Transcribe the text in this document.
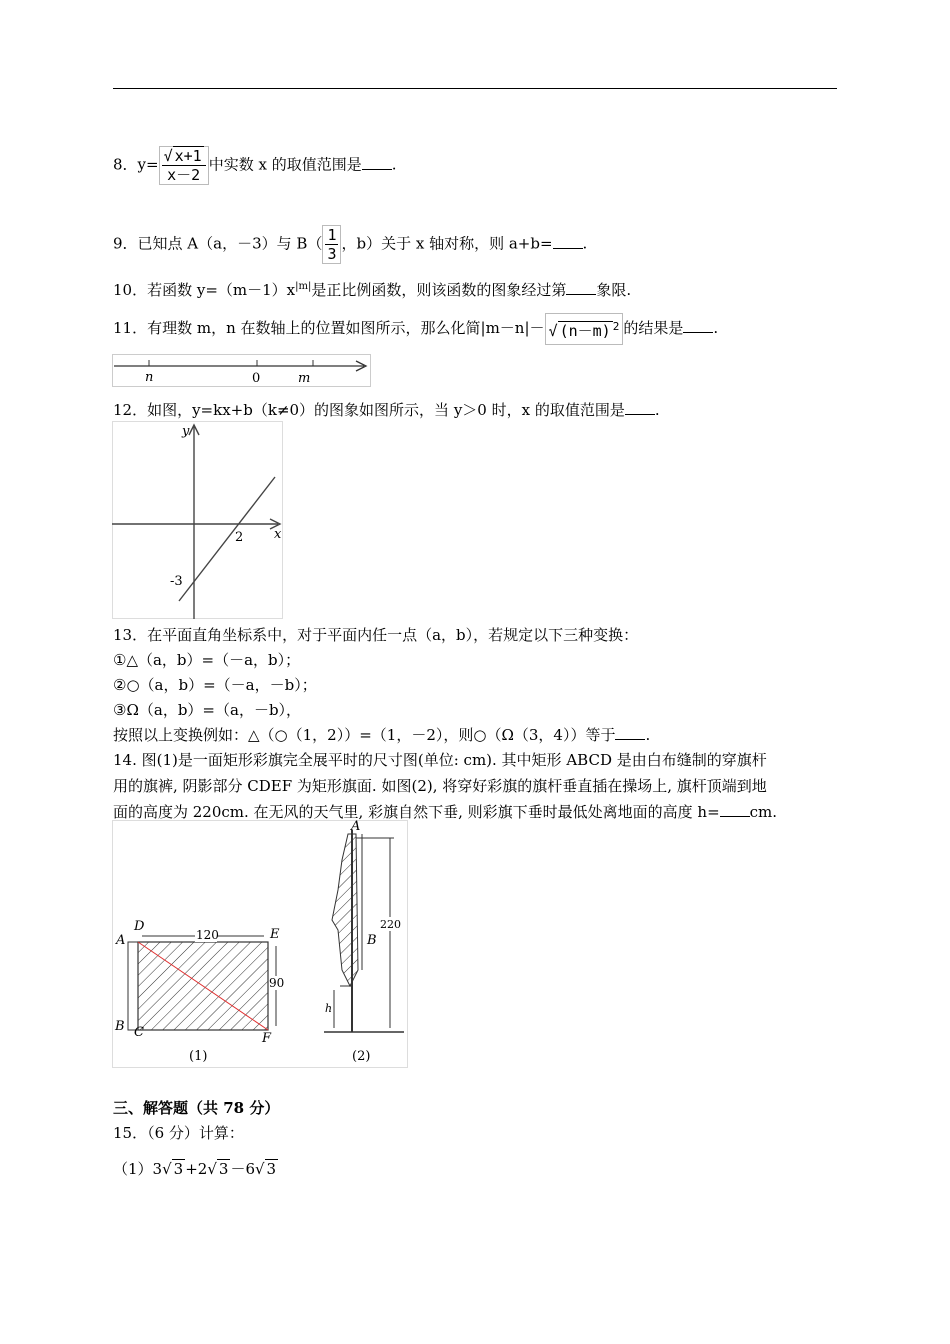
8．$y= \frac{√ x+1}{x-2}$ 中实数 x 的取值范围是 .
9．已知点 A（a，－3）与 $B( \frac{1}{3}$ ，b）关于 x 轴对称，则 a+b= .
10．若函数 $y=(m-1)x^{|m|}$是正比例函数，则该函数的图象经过第 象限.
11．有理数 m，n 在数轴上的位置如图所示，那么化简|m－n|－ √ (n－m) $^2$ 的结果是 .
n	0	m
12．如图，y=kx+b（k≠0）的图象如图所示，当 y＞0 时，x 的取值范围是 .
y
x
2
-3
13．在平面直角坐标系中，对于平面内任一点（a，b），若规定以下三种变换：
①△（a，b）=（－a，b）；
②○（a，b）=（－a，－b）；
③Ω（a，b）=（a，－b），
按照以上变换例如：△（○（1，2））=（1，－2），则○（Ω（3，4））等于 .
14. 图(1)是一面矩形彩旗完全展平时的尺寸图(单位: cm). 其中矩形 ABCD 是由白布缝制的穿旗杆
用的旗裤, 阴影部分 CDEF 为矩形旗面. 如图(2), 将穿好彩旗的旗杆垂直插在操场上, 旗杆顶端到地
面的高度为 220cm. 在无风的天气里, 彩旗自然下垂, 则彩旗下垂时最低处离地面的高度 h= cm.
120
90
D
A	E
B C	F
(1)
A
B
h
220
(2)
三、解答题（共 78 分）
15．（6 分）计算：
（1）3√ 3 +2√ 3 －6√ 3
